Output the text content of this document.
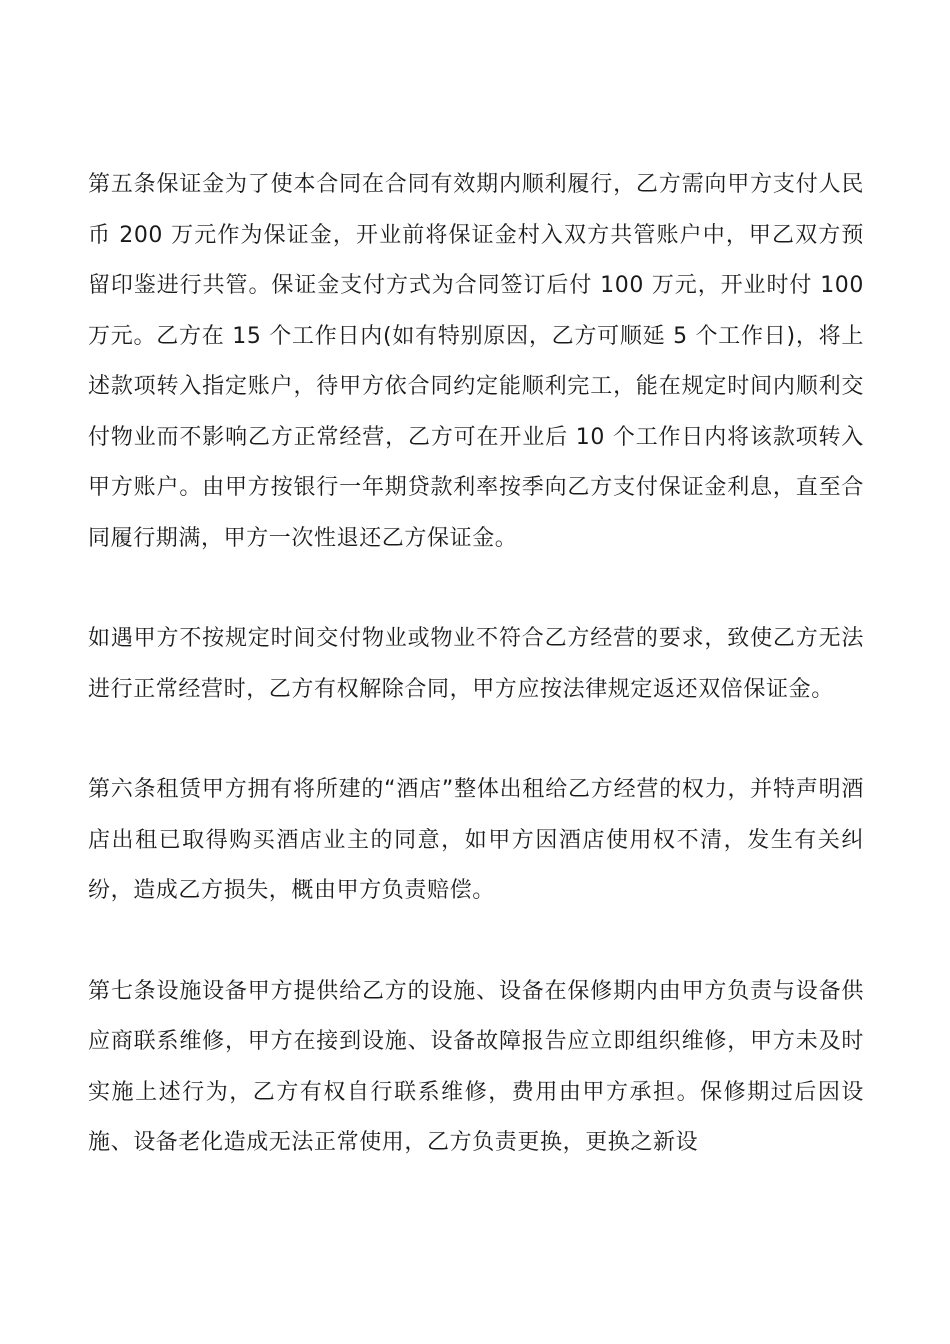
第五条保证金为了使本合同在合同有效期内顺利履行，乙方需向甲方支付人民币 200 万元作为保证金，开业前将保证金村入双方共管账户中，甲乙双方预留印鉴进行共管。保证金支付方式为合同签订后付 100 万元，开业时付 100 万元。乙方在 15 个工作日内(如有特别原因，乙方可顺延 5 个工作日)，将上述款项转入指定账户，待甲方依合同约定能顺利完工，能在规定时间内顺利交付物业而不影响乙方正常经营，乙方可在开业后 10 个工作日内将该款项转入甲方账户。由甲方按银行一年期贷款利率按季向乙方支付保证金利息，直至合同履行期满，甲方一次性退还乙方保证金。

如遇甲方不按规定时间交付物业或物业不符合乙方经营的要求，致使乙方无法进行正常经营时，乙方有权解除合同，甲方应按法律规定返还双倍保证金。

第六条租赁甲方拥有将所建的“酒店”整体出租给乙方经营的权力，并特声明酒店出租已取得购买酒店业主的同意，如甲方因酒店使用权不清，发生有关纠纷，造成乙方损失，概由甲方负责赔偿。

第七条设施设备甲方提供给乙方的设施、设备在保修期内由甲方负责与设备供应商联系维修，甲方在接到设施、设备故障报告应立即组织维修，甲方未及时实施上述行为，乙方有权自行联系维修，费用由甲方承担。保修期过后因设施、设备老化造成无法正常使用，乙方负责更换，更换之新设
